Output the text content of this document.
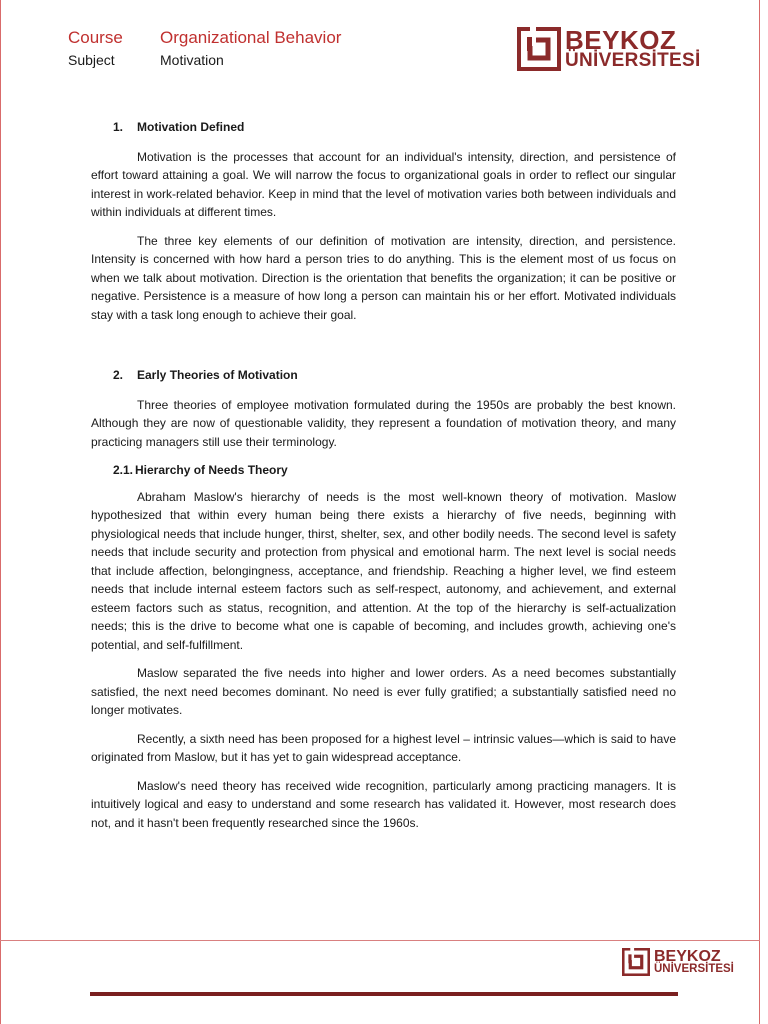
Course	Organizational Behavior
Subject	Motivation
BEYKOZ
ÜNİVERSİTESİ
1. Motivation Defined

Motivation is the processes that account for an individual's intensity, direction, and persistence of effort toward attaining a goal. We will narrow the focus to organizational goals in order to reflect our singular interest in work-related behavior. Keep in mind that the level of motivation varies both between individuals and within individuals at different times.

The three key elements of our definition of motivation are intensity, direction, and persistence. Intensity is concerned with how hard a person tries to do anything. This is the element most of us focus on when we talk about motivation. Direction is the orientation that benefits the organization; it can be positive or negative. Persistence is a measure of how long a person can maintain his or her effort. Motivated individuals stay with a task long enough to achieve their goal.

2. Early Theories of Motivation

Three theories of employee motivation formulated during the 1950s are probably the best known. Although they are now of questionable validity, they represent a foundation of motivation theory, and many practicing managers still use their terminology.

2.1. Hierarchy of Needs Theory

Abraham Maslow's hierarchy of needs is the most well-known theory of motivation. Maslow hypothesized that within every human being there exists a hierarchy of five needs, beginning with physiological needs that include hunger, thirst, shelter, sex, and other bodily needs. The second level is safety needs that include security and protection from physical and emotional harm. The next level is social needs that include affection, belongingness, acceptance, and friendship. Reaching a higher level, we find esteem needs that include internal esteem factors such as self-respect, autonomy, and achievement, and external esteem factors such as status, recognition, and attention. At the top of the hierarchy is self-actualization needs; this is the drive to become what one is capable of becoming, and includes growth, achieving one's potential, and self-fulfillment.

Maslow separated the five needs into higher and lower orders. As a need becomes substantially satisfied, the next need becomes dominant. No need is ever fully gratified; a substantially satisfied need no longer motivates.

Recently, a sixth need has been proposed for a highest level – intrinsic values—which is said to have originated from Maslow, but it has yet to gain widespread acceptance.

Maslow's need theory has received wide recognition, particularly among practicing managers. It is intuitively logical and easy to understand and some research has validated it. However, most research does not, and it hasn't been frequently researched since the 1960s.

BEYKOZ
ÜNİVERSİTESİ
